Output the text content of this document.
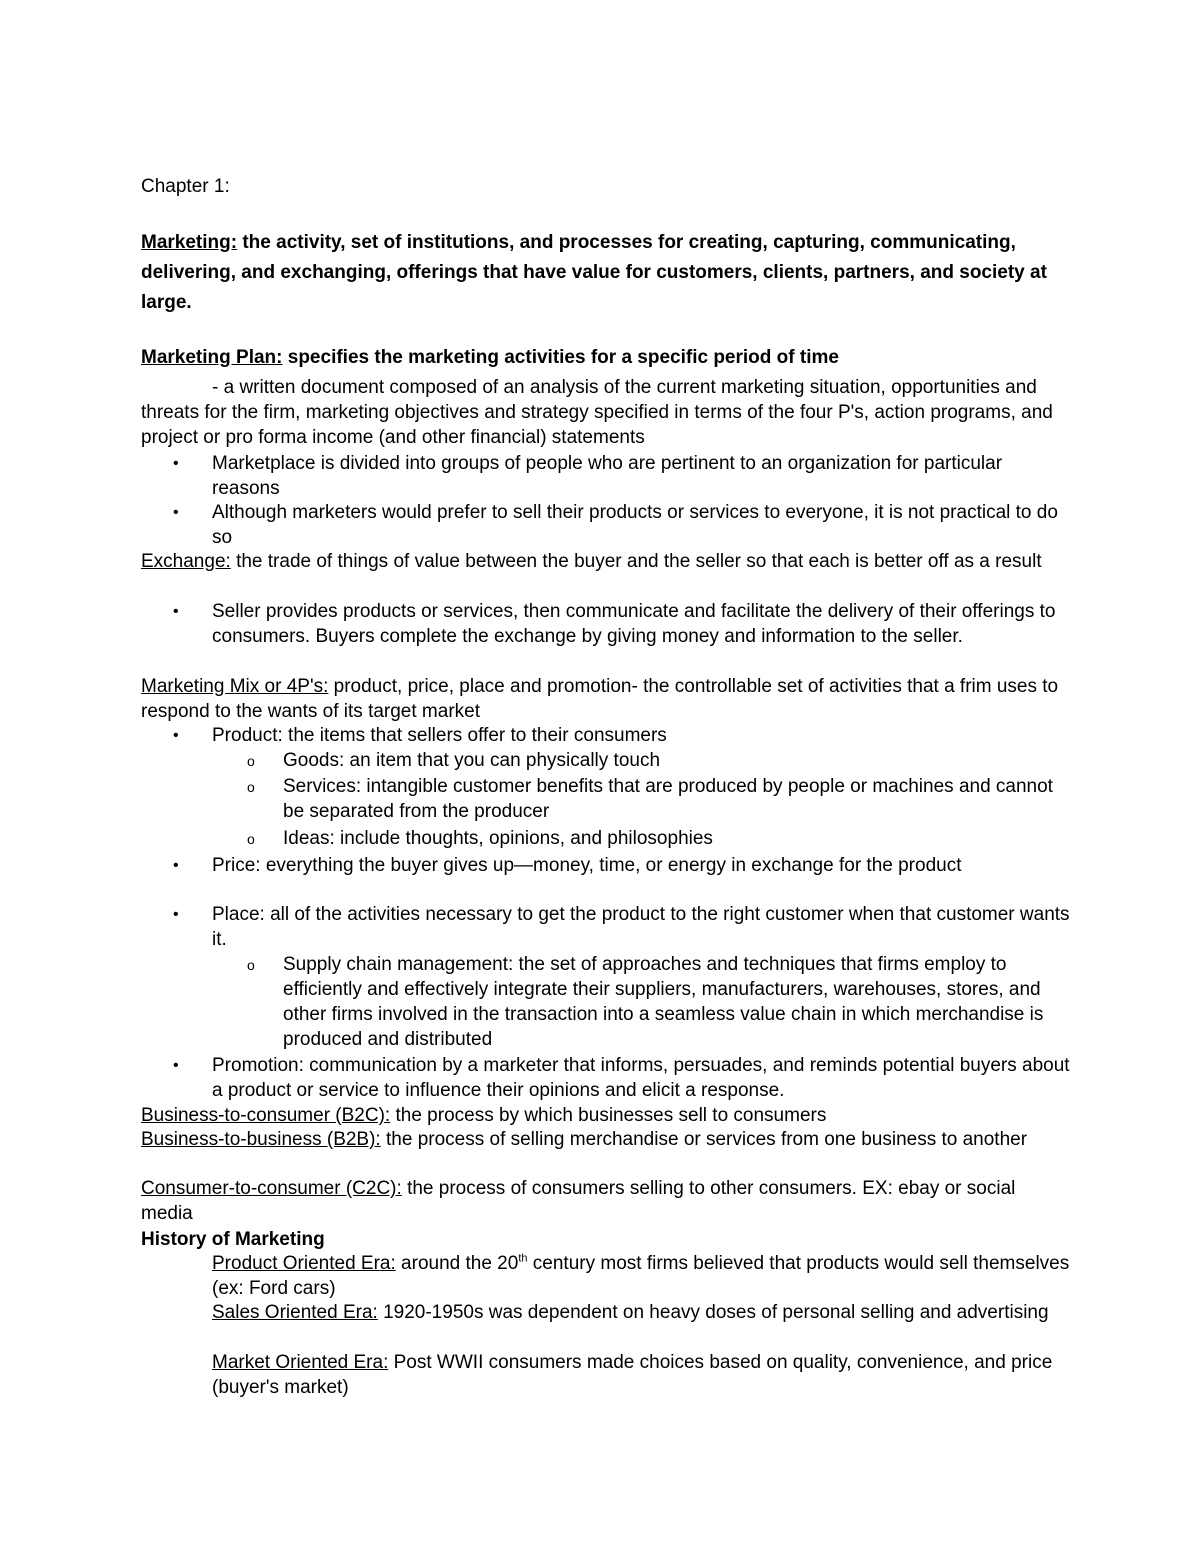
Chapter 1:
Marketing: the activity, set of institutions, and processes for creating, capturing, communicating, delivering, and exchanging, offerings that have value for customers, clients, partners, and society at large.
Marketing Plan: specifies the marketing activities for a specific period of time
- a written document composed of an analysis of the current marketing situation, opportunities and threats for the firm, marketing objectives and strategy specified in terms of the four P's, action programs, and project or pro forma income (and other financial) statements
• Marketplace is divided into groups of people who are pertinent to an organization for particular reasons
• Although marketers would prefer to sell their products or services to everyone, it is not practical to do so
Exchange: the trade of things of value between the buyer and the seller so that each is better off as a result
• Seller provides products or services, then communicate and facilitate the delivery of their offerings to consumers. Buyers complete the exchange by giving money and information to the seller.
Marketing Mix or 4P's: product, price, place and promotion- the controllable set of activities that a frim uses to respond to the wants of its target market
• Product: the items that sellers offer to their consumers
o Goods: an item that you can physically touch
o Services: intangible customer benefits that are produced by people or machines and cannot be separated from the producer
o Ideas: include thoughts, opinions, and philosophies
• Price: everything the buyer gives up—money, time, or energy in exchange for the product
• Place: all of the activities necessary to get the product to the right customer when that customer wants it.
o Supply chain management: the set of approaches and techniques that firms employ to efficiently and effectively integrate their suppliers, manufacturers, warehouses, stores, and other firms involved in the transaction into a seamless value chain in which merchandise is produced and distributed
• Promotion: communication by a marketer that informs, persuades, and reminds potential buyers about a product or service to influence their opinions and elicit a response.
Business-to-consumer (B2C): the process by which businesses sell to consumers
Business-to-business (B2B): the process of selling merchandise or services from one business to another
Consumer-to-consumer (C2C): the process of consumers selling to other consumers. EX: ebay or social media
History of Marketing
Product Oriented Era: around the 20th century most firms believed that products would sell themselves (ex: Ford cars)
Sales Oriented Era: 1920-1950s was dependent on heavy doses of personal selling and advertising
Market Oriented Era: Post WWII consumers made choices based on quality, convenience, and price (buyer's market)
